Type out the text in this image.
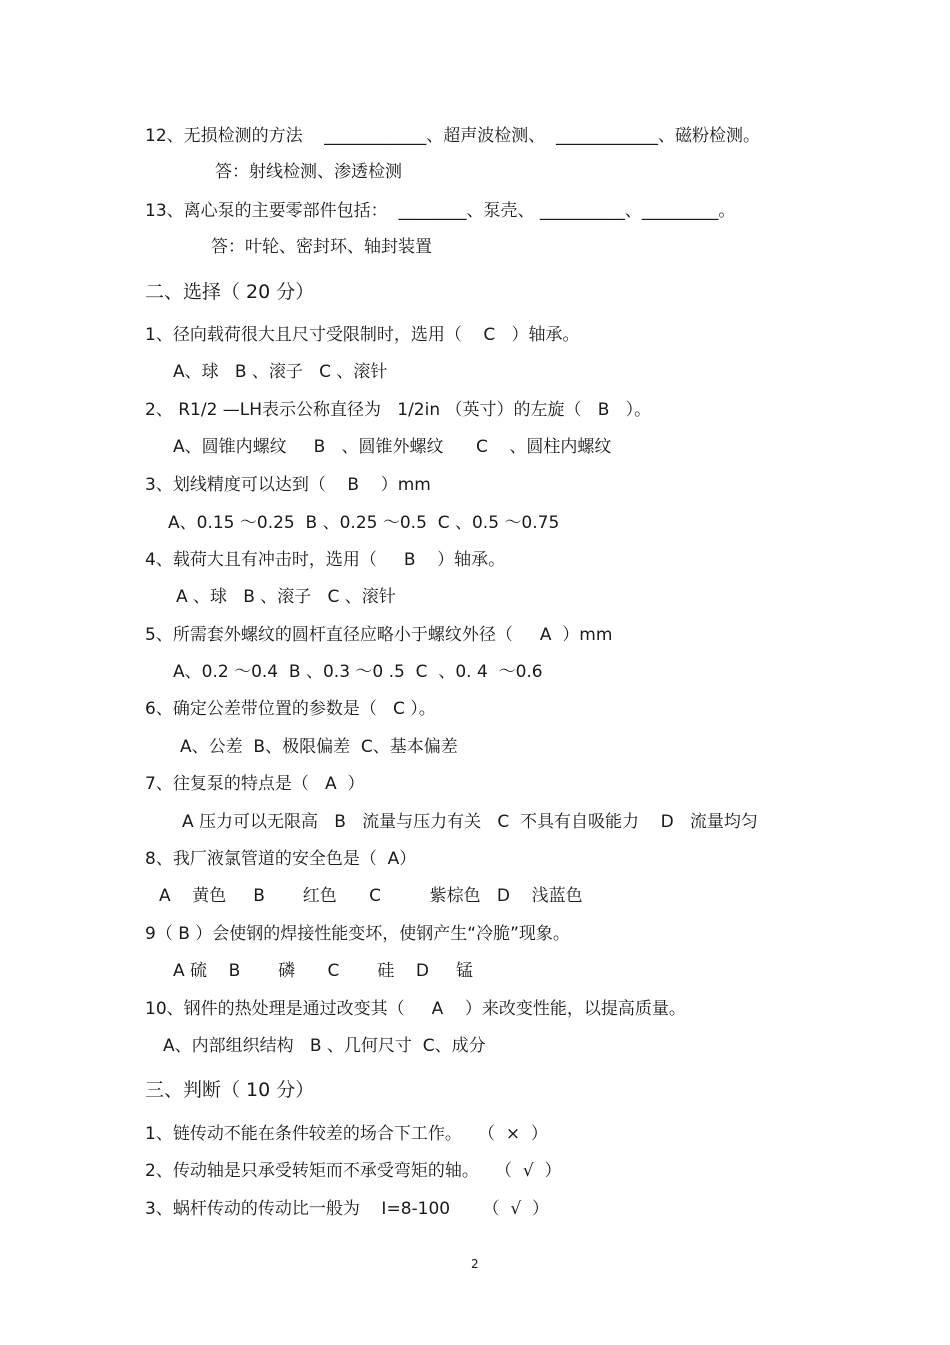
12、无损检测的方法    ____________、超声波检测、  ____________、磁粉检测。
答：射线检测、渗透检测
13、离心泵的主要零部件包括：  ________、泵壳、 __________、_________。
答：叶轮、密封环、轴封装置
二、选择（ 20 分）
1、径向载荷很大且尺寸受限制时，选用（    C   ）轴承。
A、球   B 、滚子   C 、滚针
2、 R1/2 —LH表示公称直径为   1/2in （英寸）的左旋（   B   ）。
A、圆锥内螺纹     B   、圆锥外螺纹      C    、圆柱内螺纹
3、划线精度可以达到（    B    ）mm
A、0.15 ～0.25  B 、0.25 ～0.5  C 、0.5 ～0.75
4、载荷大且有冲击时，选用（     B    ）轴承。
A 、球   B 、滚子   C 、滚针
5、所需套外螺纹的圆杆直径应略小于螺纹外径（     A  ）mm
A、0.2 ～0.4  B 、0.3 ～0 .5  C  、0. 4  ～0.6
6、确定公差带位置的参数是（   C ）。
A、公差  B、极限偏差  C、基本偏差
7、往复泵的特点是（   A  ）
A 压力可以无限高   B   流量与压力有关   C  不具有自吸能力    D   流量均匀
8、我厂液氯管道的安全色是（  A）
A    黄色     B       红色      C         紫棕色   D    浅蓝色
9（ B ）会使钢的焊接性能变坏，使钢产生“冷脆”现象。
A 硫    B       磷      C       硅    D     锰
10、钢件的热处理是通过改变其（     A    ）来改变性能，以提高质量。
A、内部组织结构   B 、几何尺寸  C、成分
三、判断（ 10 分）
1、链传动不能在条件较差的场合下工作。   （  ×  ）
2、传动轴是只承受转矩而不承受弯矩的轴。   （  √  ）
3、蜗杆传动的传动比一般为    I=8-100      （  √  ）
2
